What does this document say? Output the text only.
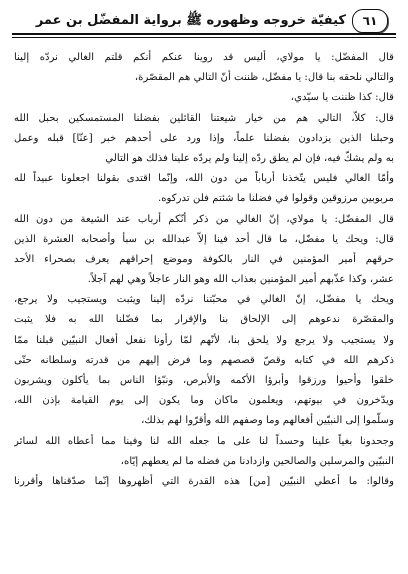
كيفيّة خروجه وظهوره ﷺ برواية المفضّل بن عمر ٦١
قال المفضّل: يا مولاي، أليس قد روينا عنكم أنكم قلتم الغالي نردّه إلينا
والتالي نلحقه بنا قال: يا مفضّل، ظننت أنّ التالي هم المقصّرة،
قال: كذا ظننت يا سيّدي،
قال: كلاّ، التالي هم من خيار شيعتنا القائلين بفضلنا المستمسكين بحبل الله
وحبلنا الذين يزدادون بفضلنا علماً، وإذا ورد على أحدهم خبر [عنّا] قبله وعمل
به ولم يشكّ فيه، فإن لم يطق ردّه إلينا ولم يردّه علينا فذلك هو التالي
وأمّا الغالي فليس يتّخذنا أرباباً من دون الله، وإنّما اقتدى بقولنا اجعلونا عبيداً لله
مربوبين مرزوقين وقولوا في فضلنا ما شئتم فلن تدركوه.
قال المفضّل: يا مولاي، إنّ الغالي من ذكر أنّكم أرباب عند الشيعة من دون الله
قال: ويحك يا مفضّل، ما قال أحد فينا إلاّ عبدالله بن سبأ وأصحابه العشرة الذين
حرقهم أمير المؤمنين في النار بالكوفة وموضع إحراقهم يعرف بصحراء الأحد
عشر، وكذا عذّبهم أمير المؤمنين بعذاب الله وهو النار عاجلاً وهي لهم آجلاً.
ويحك يا مفضّل، إنّ الغالي في محبّتنا نردّه إلينا ويثبت ويستجيب ولا يرجع،
والمقصّرة ندعوهم إلى الإلحاق بنا والإقرار بما فضّلنا الله به فلا يثبت
ولا يستجيب ولا يرجع ولا يلحق بنا، لأنّهم لمّا رأونا نفعل أفعال النبيّين قبلنا ممّا
ذكرهم الله في كتابه وقصّ قصصهم وما فرض إليهم من قدرته وسلطانه حتّى
خلقوا وأحيوا ورزقوا وأبرؤا الأكمه والأبرص، ونبّؤا الناس بما يأكلون ويشربون
ويدّخرون في بيوتهم، ويعلمون ماكان وما يكون إلى يوم القيامة بإذن الله،
وسلّموا إلى النبيّين أفعالهم وما وصفهم الله وأقرّوا لهم بذلك،
وجحدونا بغياً علينا وحسداً لنا على ما جعله الله لنا وفينا مما أعطاه الله لسائر
النبيّين والمرسلين والصالحين وازدادنا من فضله ما لم يعطهم إيّاه،
وقالوا: ما أعطي النبيّين [من] هذه القدرة التي أظهروها إنّما صدّقناها وأقررنا
